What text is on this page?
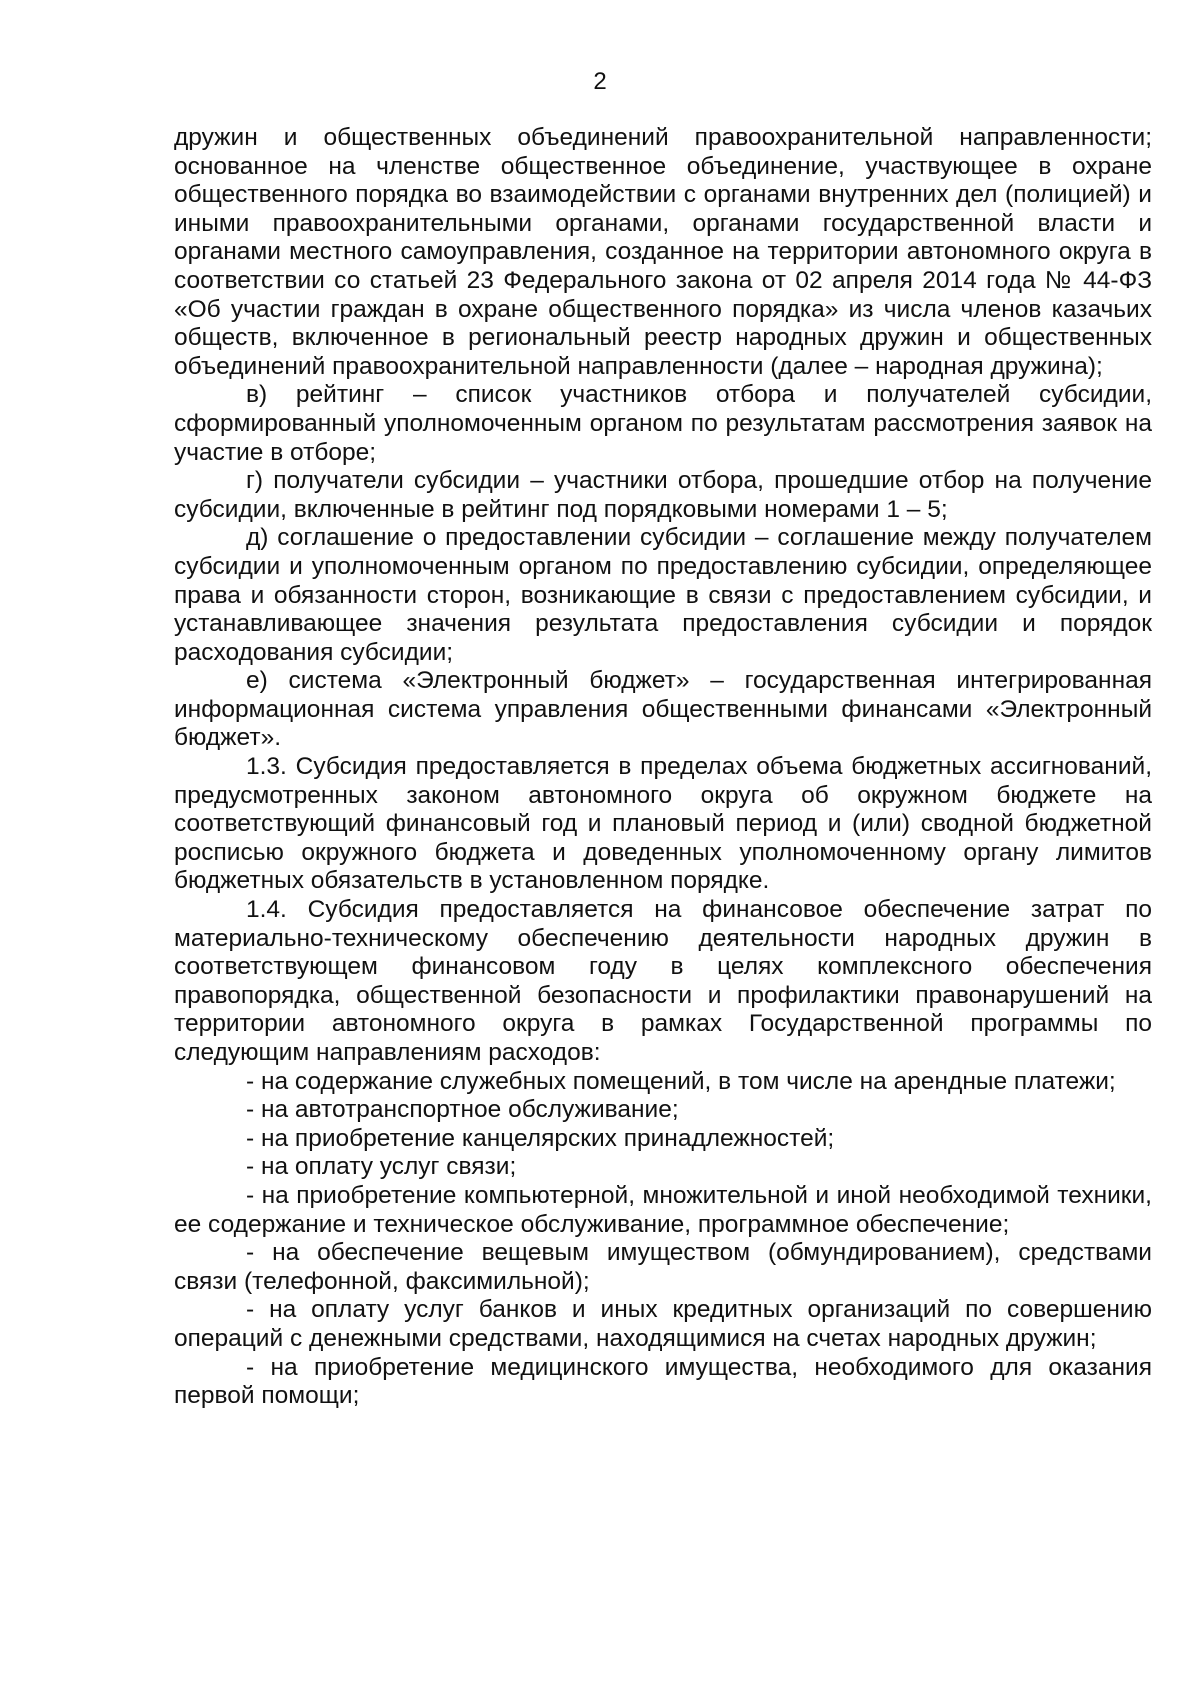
2

дружин и общественных объединений правоохранительной направленности; основанное на членстве общественное объединение, участвующее в охране общественного порядка во взаимодействии с органами внутренних дел (полицией) и иными правоохранительными органами, органами государственной власти и органами местного самоуправления, созданное на территории автономного округа в соответствии со статьей 23 Федерального закона от 02 апреля 2014 года № 44-ФЗ «Об участии граждан в охране общественного порядка» из числа членов казачьих обществ, включенное в региональный реестр народных дружин и общественных объединений правоохранительной направленности (далее – народная дружина);

в) рейтинг – список участников отбора и получателей субсидии, сформированный уполномоченным органом по результатам рассмотрения заявок на участие в отборе;

г) получатели субсидии – участники отбора, прошедшие отбор на получение субсидии, включенные в рейтинг под порядковыми номерами 1 – 5;

д) соглашение о предоставлении субсидии – соглашение между получателем субсидии и уполномоченным органом по предоставлению субсидии, определяющее права и обязанности сторон, возникающие в связи с предоставлением субсидии, и устанавливающее значения результата предоставления субсидии и порядок расходования субсидии;

е) система «Электронный бюджет» – государственная интегрированная информационная система управления общественными финансами «Электронный бюджет».

1.3. Субсидия предоставляется в пределах объема бюджетных ассигнований, предусмотренных законом автономного округа об окружном бюджете на соответствующий финансовый год и плановый период и (или) сводной бюджетной росписью окружного бюджета и доведенных уполномоченному органу лимитов бюджетных обязательств в установленном порядке.

1.4. Субсидия предоставляется на финансовое обеспечение затрат по материально-техническому обеспечению деятельности народных дружин в соответствующем финансовом году в целях комплексного обеспечения правопорядка, общественной безопасности и профилактики правонарушений на территории автономного округа в рамках Государственной программы по следующим направлениям расходов:

- на содержание служебных помещений, в том числе на арендные платежи;

- на автотранспортное обслуживание;

- на приобретение канцелярских принадлежностей;

- на оплату услуг связи;

- на приобретение компьютерной, множительной и иной необходимой техники, ее содержание и техническое обслуживание, программное обеспечение;

- на обеспечение вещевым имуществом (обмундированием), средствами связи (телефонной, факсимильной);

- на оплату услуг банков и иных кредитных организаций по совершению операций с денежными средствами, находящимися на счетах народных дружин;

- на приобретение медицинского имущества, необходимого для оказания первой помощи;
